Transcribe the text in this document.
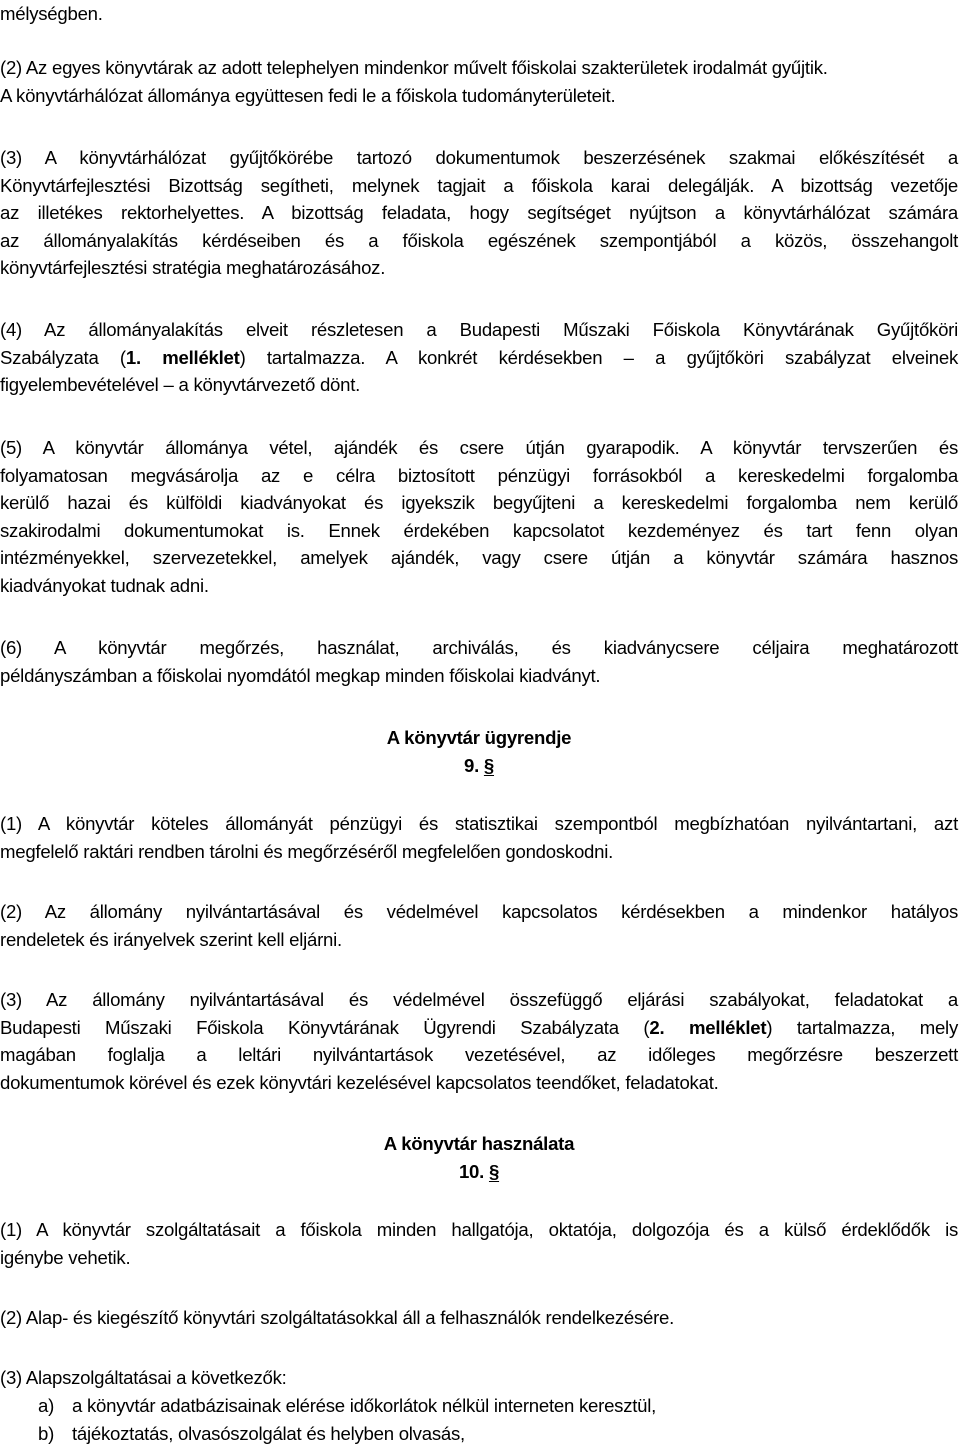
mélységben.
(2) Az egyes könyvtárak az adott telephelyen mindenkor művelt főiskolai szakterületek irodalmát gyűjtik.
A könyvtárhálózat állománya együttesen fedi le a főiskola tudományterületeit.
(3) A könyvtárhálózat gyűjtőkörébe tartozó dokumentumok beszerzésének szakmai előkészítését a
Könyvtárfejlesztési Bizottság segítheti, melynek tagjait a főiskola karai delegálják. A bizottság vezetője
az illetékes rektorhelyettes. A bizottság feladata, hogy segítséget nyújtson a könyvtárhálózat számára
az állományalakítás kérdéseiben és a főiskola egészének szempontjából a közös, összehangolt
könyvtárfejlesztési stratégia meghatározásához.
(4) Az állományalakítás elveit részletesen a Budapesti Műszaki Főiskola Könyvtárának Gyűjtőköri
Szabályzata (1. melléklet) tartalmazza. A konkrét kérdésekben – a gyűjtőköri szabályzat elveinek
figyelembevételével – a könyvtárvezető dönt.
(5) A könyvtár állománya vétel, ajándék és csere útján gyarapodik. A könyvtár tervszerűen és
folyamatosan megvásárolja az e célra biztosított pénzügyi forrásokból a kereskedelmi forgalomba
kerülő hazai és külföldi kiadványokat és igyekszik begyűjteni a kereskedelmi forgalomba nem kerülő
szakirodalmi dokumentumokat is. Ennek érdekében kapcsolatot kezdeményez és tart fenn olyan
intézményekkel, szervezetekkel, amelyek ajándék, vagy csere útján a könyvtár számára hasznos
kiadványokat tudnak adni.
(6) A könyvtár megőrzés, használat, archiválás, és kiadványcsere céljaira meghatározott
példányszámban a főiskolai nyomdától megkap minden főiskolai kiadványt.
A könyvtár ügyrendje
9. §
(1) A könyvtár köteles állományát pénzügyi és statisztikai szempontból megbízhatóan nyilvántartani, azt
megfelelő raktári rendben tárolni és megőrzéséről megfelelően gondoskodni.
(2) Az állomány nyilvántartásával és védelmével kapcsolatos kérdésekben a mindenkor hatályos
rendeletek és irányelvek szerint kell eljárni.
(3) Az állomány nyilvántartásával és védelmével összefüggő eljárási szabályokat, feladatokat a
Budapesti Műszaki Főiskola Könyvtárának Ügyrendi Szabályzata (2. melléklet) tartalmazza, mely
magában foglalja a leltári nyilvántartások vezetésével, az időleges megőrzésre beszerzett
dokumentumok körével és ezek könyvtári kezelésével kapcsolatos teendőket, feladatokat.
A könyvtár használata
10. §
(1) A könyvtár szolgáltatásait a főiskola minden hallgatója, oktatója, dolgozója és a külső érdeklődők is
igénybe vehetik.
(2) Alap- és kiegészítő könyvtári szolgáltatásokkal áll a felhasználók rendelkezésére.
(3) Alapszolgáltatásai a következők:
a) a könyvtár adatbázisainak elérése időkorlátok nélkül interneten keresztül,
b) tájékoztatás, olvasószolgálat és helyben olvasás,
